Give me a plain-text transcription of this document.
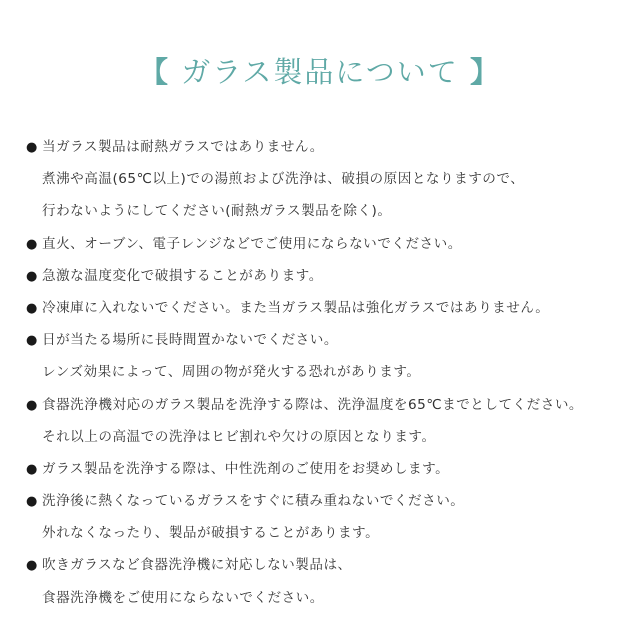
【 ガラス製品について 】
● 当ガラス製品は耐熱ガラスではありません。
煮沸や高温(65℃以上)での湯煎および洗浄は、破損の原因となりますので、
行わないようにしてください(耐熱ガラス製品を除く)。
● 直火、オーブン、電子レンジなどでご使用にならないでください。
● 急激な温度変化で破損することがあります。
● 冷凍庫に入れないでください。また当ガラス製品は強化ガラスではありません。
● 日が当たる場所に長時間置かないでください。
レンズ効果によって、周囲の物が発火する恐れがあります。
● 食器洗浄機対応のガラス製品を洗浄する際は、洗浄温度を65℃までとしてください。
それ以上の高温での洗浄はヒビ割れや欠けの原因となります。
● ガラス製品を洗浄する際は、中性洗剤のご使用をお奨めします。
● 洗浄後に熱くなっているガラスをすぐに積み重ねないでください。
外れなくなったり、製品が破損することがあります。
● 吹きガラスなど食器洗浄機に対応しない製品は、
食器洗浄機をご使用にならないでください。
